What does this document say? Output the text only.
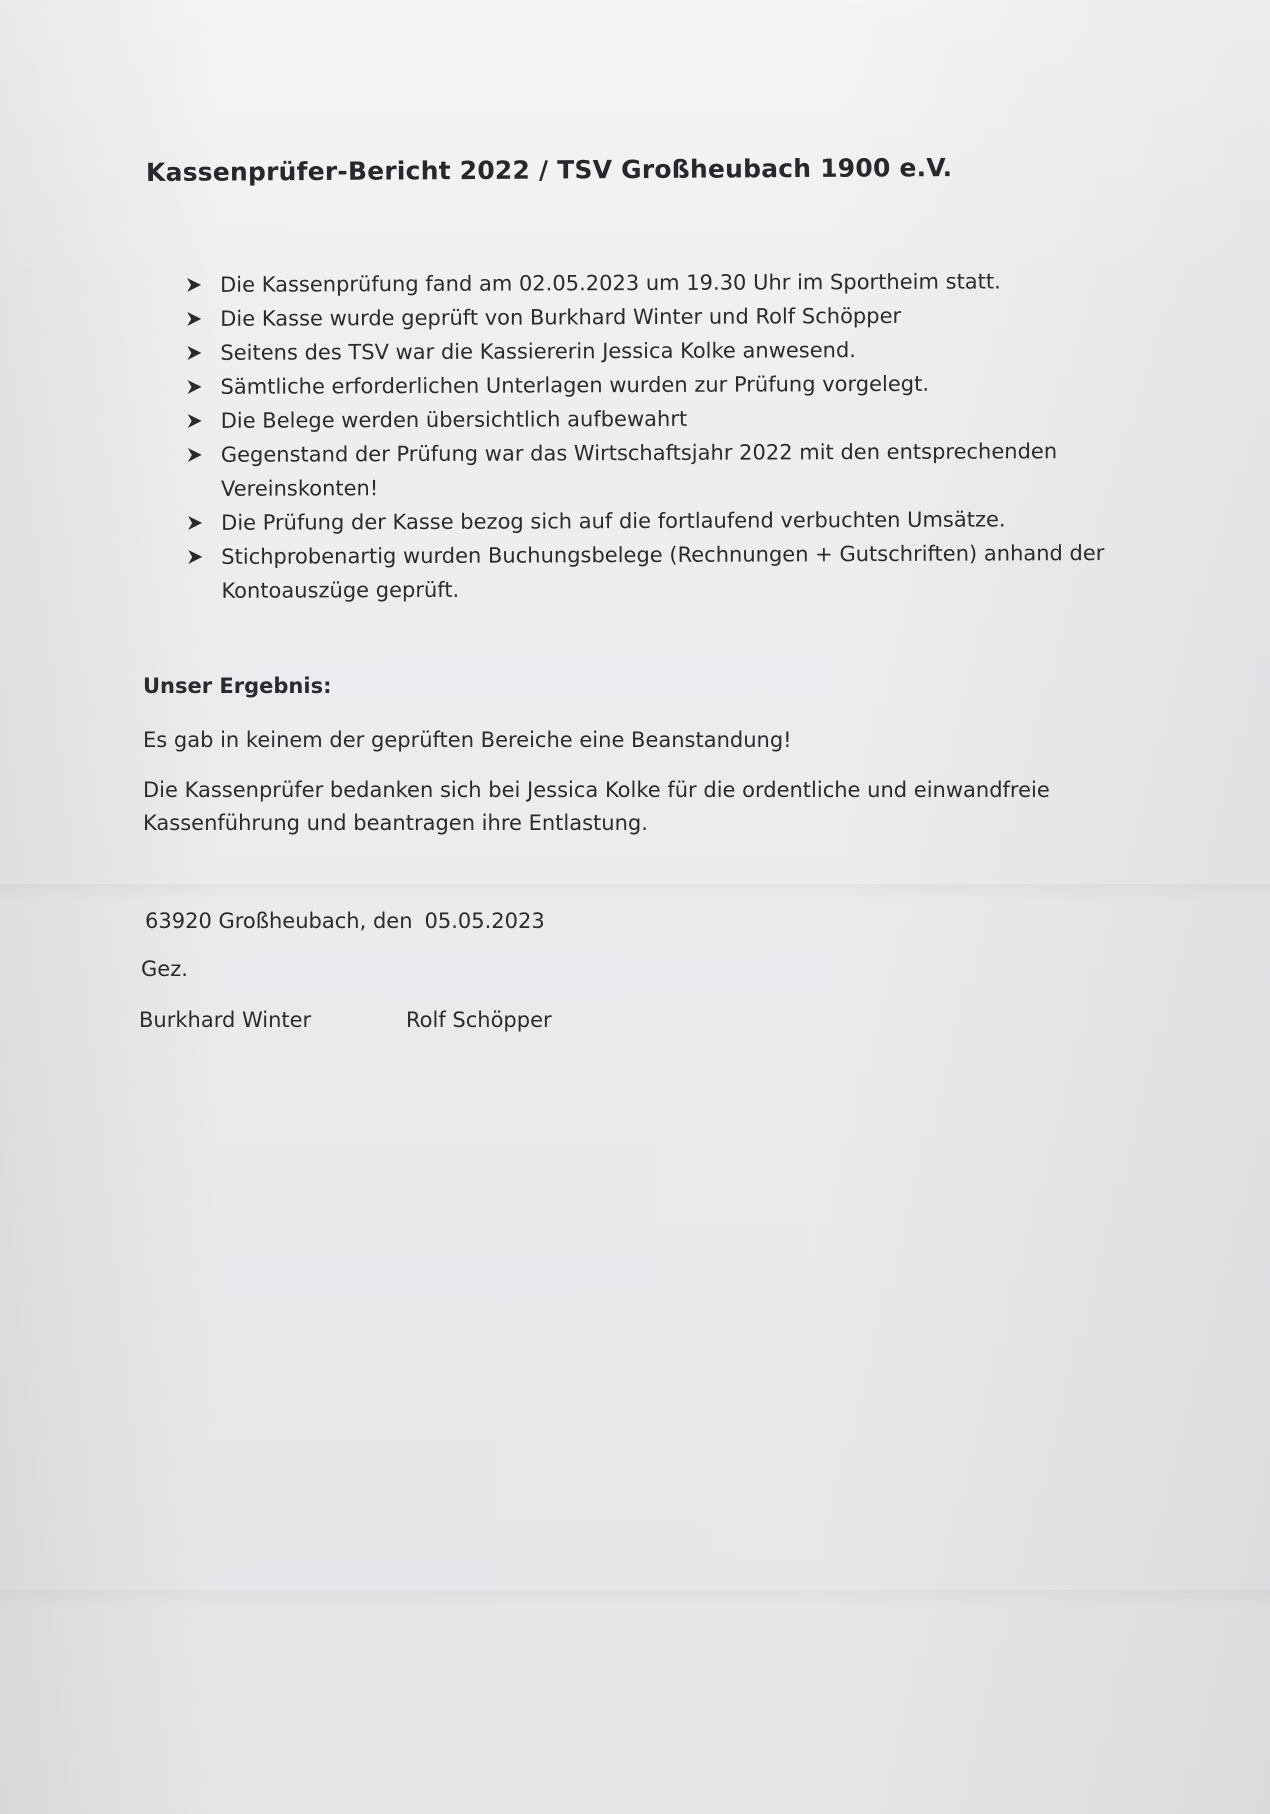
Kassenprüfer-Bericht 2022 / TSV Großheubach 1900 e.V.
Die Kassenprüfung fand am 02.05.2023 um 19.30 Uhr im Sportheim statt.
Die Kasse wurde geprüft von Burkhard Winter und Rolf Schöpper
Seitens des TSV war die Kassiererin Jessica Kolke anwesend.
Sämtliche erforderlichen Unterlagen wurden zur Prüfung vorgelegt.
Die Belege werden übersichtlich aufbewahrt
Gegenstand der Prüfung war das Wirtschaftsjahr 2022 mit den entsprechenden Vereinskonten!
Die Prüfung der Kasse bezog sich auf die fortlaufend verbuchten Umsätze.
Stichprobenartig wurden Buchungsbelege (Rechnungen + Gutschriften) anhand der Kontoauszüge geprüft.
Unser Ergebnis:
Es gab in keinem der geprüften Bereiche eine Beanstandung!
Die Kassenprüfer bedanken sich bei Jessica Kolke für die ordentliche und einwandfreie Kassenführung und beantragen ihre Entlastung.
63920 Großheubach, den 05.05.2023
Gez.
Burkhard Winter	Rolf Schöpper
